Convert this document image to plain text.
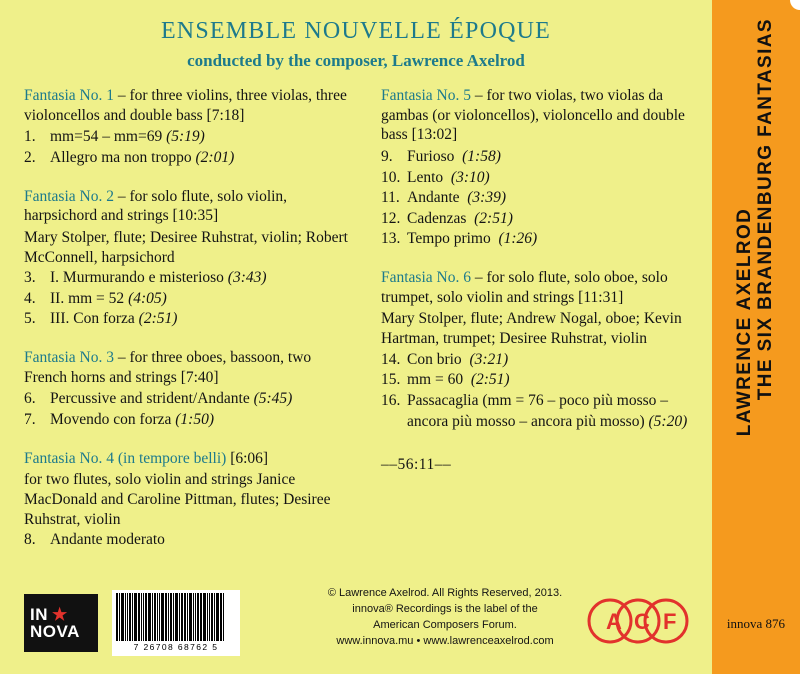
ENSEMBLE NOUVELLE ÉPOQUE
conducted by the composer, Lawrence Axelrod
Fantasia No. 1 – for three violins, three violas, three violoncellos and double bass [7:18]
1. mm=54 – mm=69 (5:19)
2. Allegro ma non troppo (2:01)
Fantasia No. 2 – for solo flute, solo violin, harpsichord and strings [10:35]
Mary Stolper, flute; Desiree Ruhstrat, violin; Robert McConnell, harpsichord
3. I. Murmurando e misterioso (3:43)
4. II. mm = 52 (4:05)
5. III. Con forza (2:51)
Fantasia No. 3 – for three oboes, bassoon, two French horns and strings [7:40]
6. Percussive and strident/Andante (5:45)
7. Movendo con forza (1:50)
Fantasia No. 4 (in tempore belli) [6:06]
for two flutes, solo violin and strings Janice MacDonald and Caroline Pittman, flutes; Desiree Ruhstrat, violin
8. Andante moderato
Fantasia No. 5 – for two violas, two violas da gambas (or violoncellos), violoncello and double bass [13:02]
9. Furioso (1:58)
10. Lento (3:10)
11. Andante (3:39)
12. Cadenzas (2:51)
13. Tempo primo (1:26)
Fantasia No. 6 – for solo flute, solo oboe, solo trumpet, solo violin and strings [11:31]
Mary Stolper, flute; Andrew Nogal, oboe; Kevin Hartman, trumpet; Desiree Ruhstrat, violin
14. Con brio (3:21)
15. mm = 60 (2:51)
16. Passacaglia (mm = 76 – poco più mosso – ancora più mosso – ancora più mosso) (5:20)
––56:11––
IN ★
NOVA
7 26708 68762 5
© Lawrence Axelrod. All Rights Reserved, 2013.
innova® Recordings is the label of the
American Composers Forum.
www.innova.mu • www.lawrenceaxelrod.com
A C F
LAWRENCE AXELROD THE SIX BRANDENBURG FANTASIAS
innova 876
